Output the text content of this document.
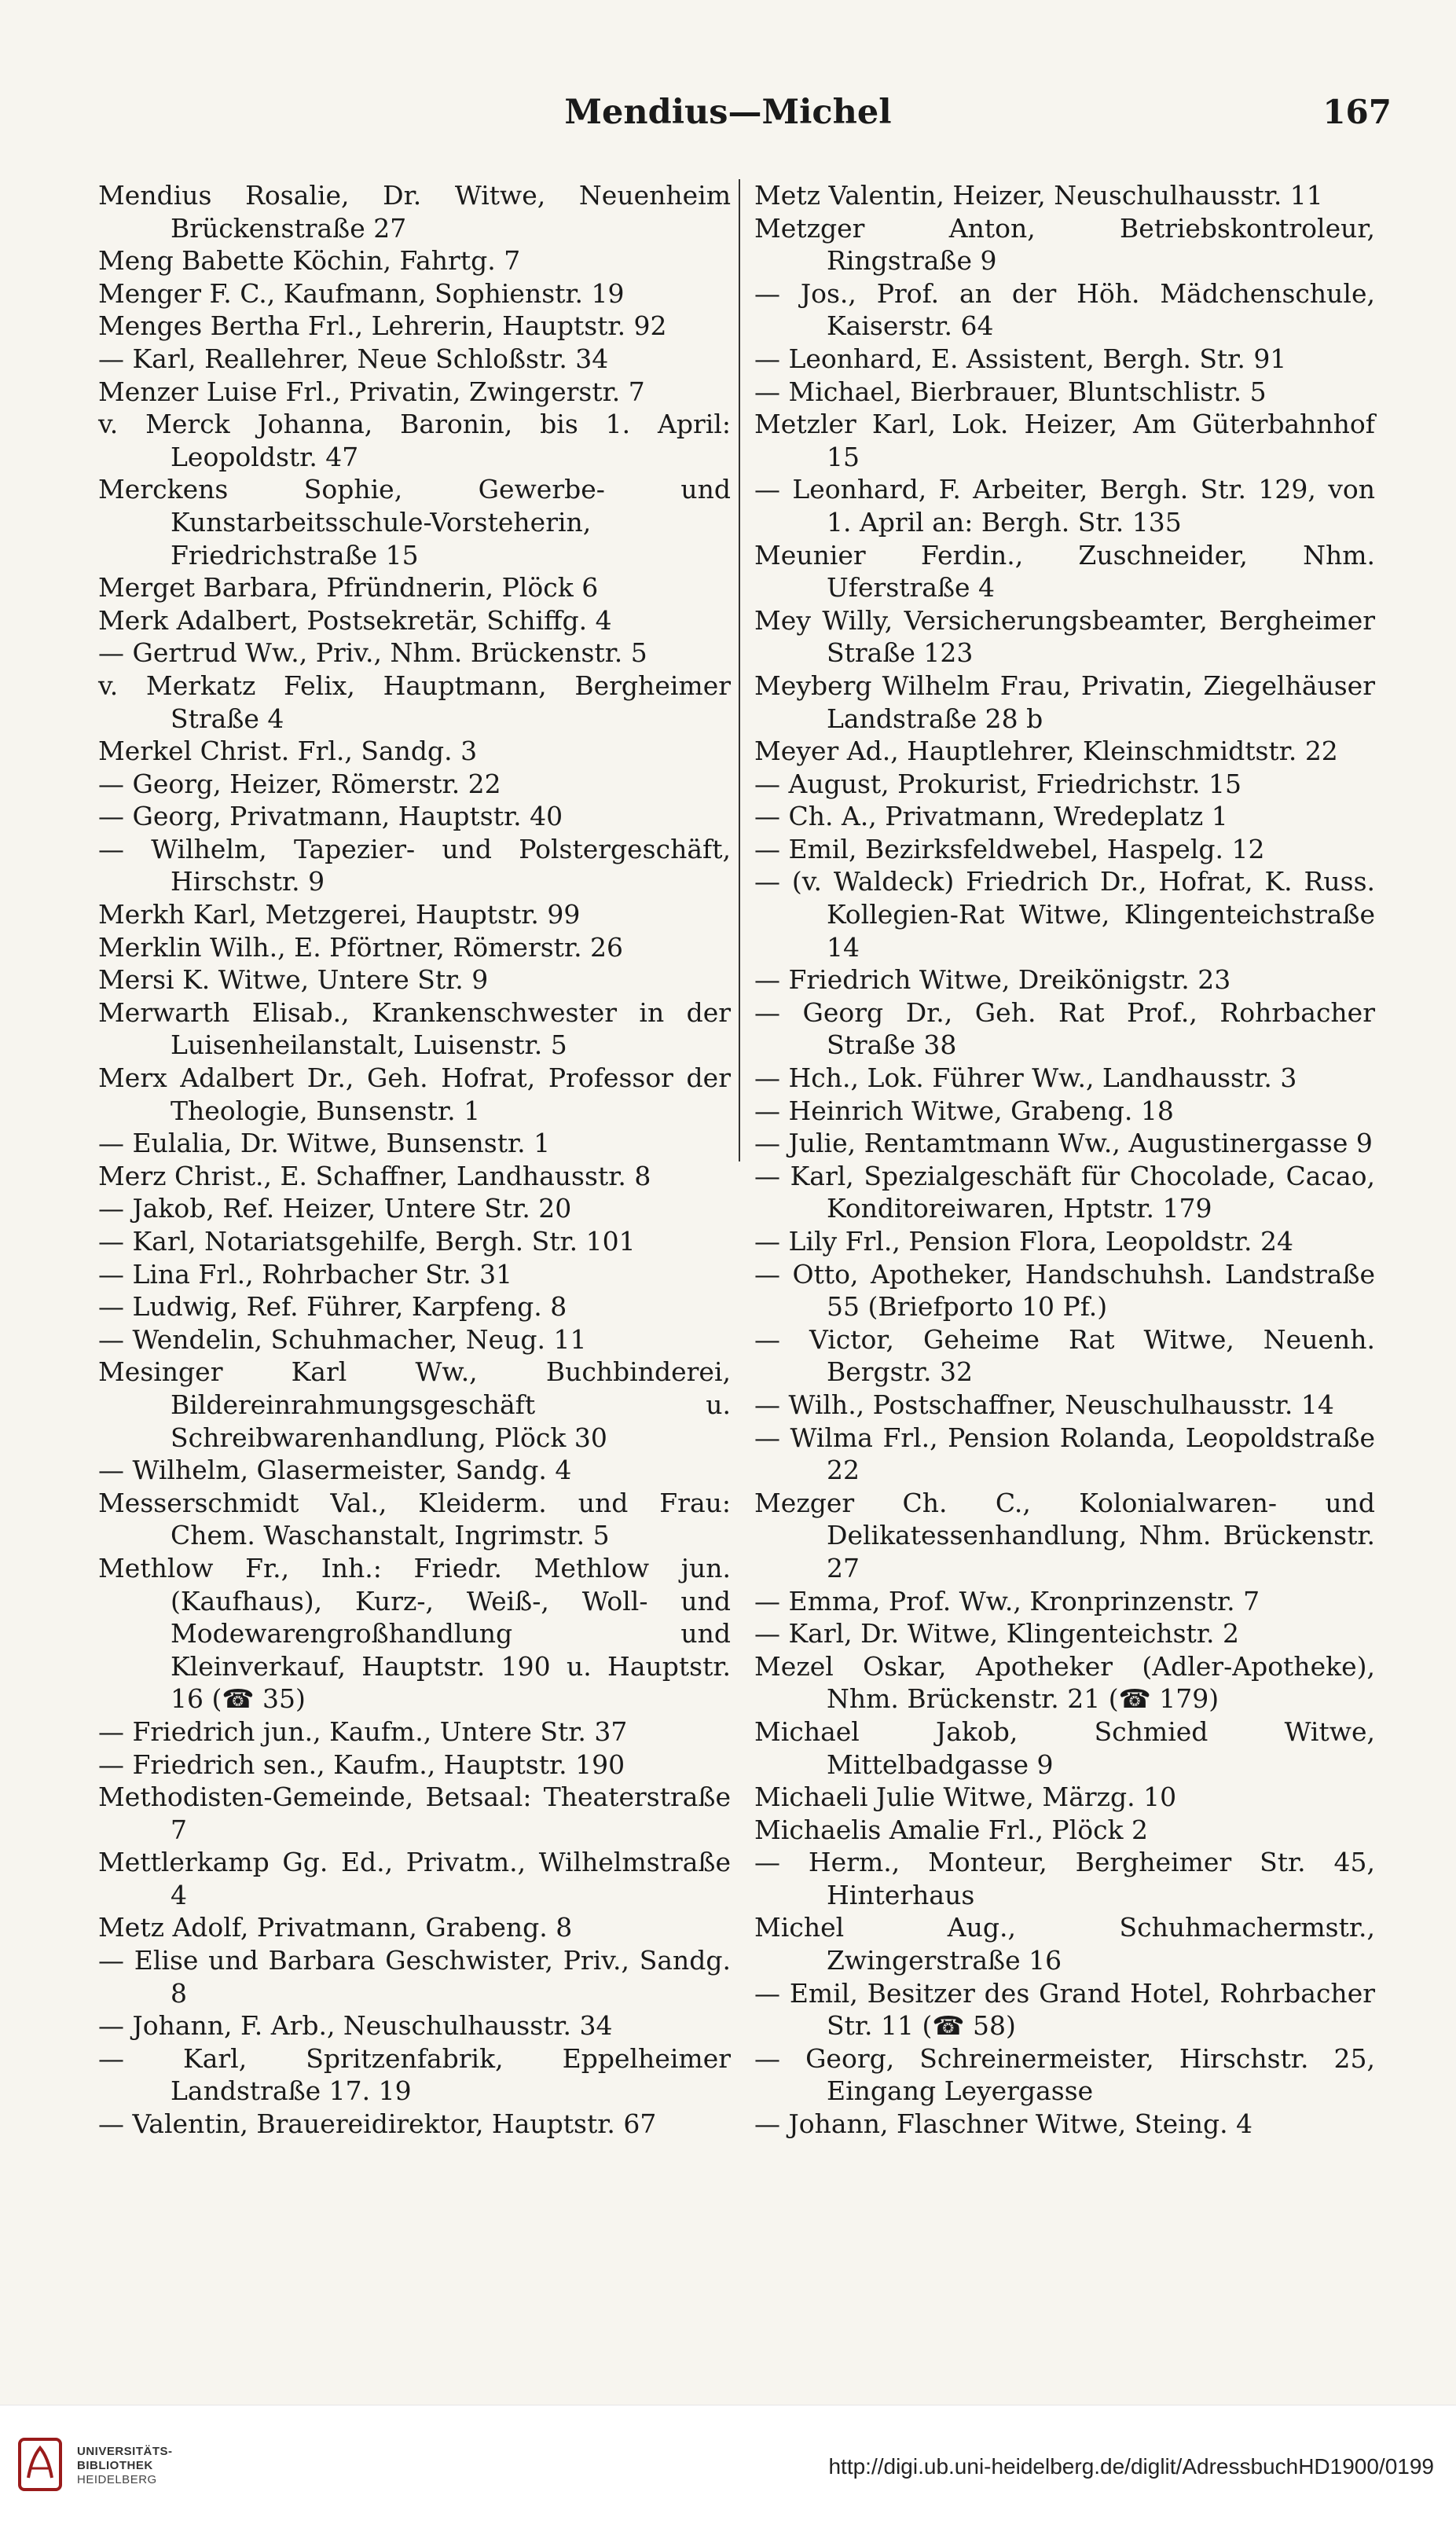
Mendius—Michel	167
Mendius Rosalie, Dr. Witwe, Neuenheim Brückenstraße 27
Meng Babette Köchin, Fahrtg. 7
Menger F. C., Kaufmann, Sophienstr. 19
Menges Bertha Frl., Lehrerin, Hauptstr. 92
— Karl, Reallehrer, Neue Schloßstr. 34
Menzer Luise Frl., Privatin, Zwingerstr. 7
v. Merck Johanna, Baronin, bis 1. April: Leopoldstr. 47
Merckens Sophie, Gewerbe- und Kunstarbeitsschule-Vorsteherin, Friedrichstraße 15
Merget Barbara, Pfründnerin, Plöck 6
Merk Adalbert, Postsekretär, Schiffg. 4
— Gertrud Ww., Priv., Nhm. Brückenstr. 5
v. Merkatz Felix, Hauptmann, Bergheimer Straße 4
Merkel Christ. Frl., Sandg. 3
— Georg, Heizer, Römerstr. 22
— Georg, Privatmann, Hauptstr. 40
— Wilhelm, Tapezier- und Polstergeschäft, Hirschstr. 9
Merkh Karl, Metzgerei, Hauptstr. 99
Merklin Wilh., E. Pförtner, Römerstr. 26
Mersi K. Witwe, Untere Str. 9
Merwarth Elisab., Krankenschwester in der Luisenheilanstalt, Luisenstr. 5
Merx Adalbert Dr., Geh. Hofrat, Professor der Theologie, Bunsenstr. 1
— Eulalia, Dr. Witwe, Bunsenstr. 1
Merz Christ., E. Schaffner, Landhausstr. 8
— Jakob, Ref. Heizer, Untere Str. 20
— Karl, Notariatsgehilfe, Bergh. Str. 101
— Lina Frl., Rohrbacher Str. 31
— Ludwig, Ref. Führer, Karpfeng. 8
— Wendelin, Schuhmacher, Neug. 11
Mesinger Karl Ww., Buchbinderei, Bildereinrahmungsgeschäft u. Schreibwarenhandlung, Plöck 30
— Wilhelm, Glasermeister, Sandg. 4
Messerschmidt Val., Kleiderm. und Frau: Chem. Waschanstalt, Ingrimstr. 5
Methlow Fr., Inh.: Friedr. Methlow jun. (Kaufhaus), Kurz-, Weiß-, Woll- und Modewarengroßhandlung und Kleinverkauf, Hauptstr. 190 u. Hauptstr. 16 (☎ 35)
— Friedrich jun., Kaufm., Untere Str. 37
— Friedrich sen., Kaufm., Hauptstr. 190
Methodisten-Gemeinde, Betsaal: Theaterstraße 7
Mettlerkamp Gg. Ed., Privatm., Wilhelmstraße 4
Metz Adolf, Privatmann, Grabeng. 8
— Elise und Barbara Geschwister, Priv., Sandg. 8
— Johann, F. Arb., Neuschulhausstr. 34
— Karl, Spritzenfabrik, Eppelheimer Landstraße 17. 19
— Valentin, Brauereidirektor, Hauptstr. 67
Metz Valentin, Heizer, Neuschulhausstr. 11
Metzger Anton, Betriebskontroleur, Ringstraße 9
— Jos., Prof. an der Höh. Mädchenschule, Kaiserstr. 64
— Leonhard, E. Assistent, Bergh. Str. 91
— Michael, Bierbrauer, Bluntschlistr. 5
Metzler Karl, Lok. Heizer, Am Güterbahnhof 15
— Leonhard, F. Arbeiter, Bergh. Str. 129, von 1. April an: Bergh. Str. 135
Meunier Ferdin., Zuschneider, Nhm. Uferstraße 4
Mey Willy, Versicherungsbeamter, Bergheimer Straße 123
Meyberg Wilhelm Frau, Privatin, Ziegelhäuser Landstraße 28 b
Meyer Ad., Hauptlehrer, Kleinschmidtstr. 22
— August, Prokurist, Friedrichstr. 15
— Ch. A., Privatmann, Wredeplatz 1
— Emil, Bezirksfeldwebel, Haspelg. 12
— (v. Waldeck) Friedrich Dr., Hofrat, K. Russ. Kollegien-Rat Witwe, Klingenteichstraße 14
— Friedrich Witwe, Dreikönigstr. 23
— Georg Dr., Geh. Rat Prof., Rohrbacher Straße 38
— Hch., Lok. Führer Ww., Landhausstr. 3
— Heinrich Witwe, Grabeng. 18
— Julie, Rentamtmann Ww., Augustinergasse 9
— Karl, Spezialgeschäft für Chocolade, Cacao, Konditoreiwaren, Hptstr. 179
— Lily Frl., Pension Flora, Leopoldstr. 24
— Otto, Apotheker, Handschuhsh. Landstraße 55 (Briefporto 10 Pf.)
— Victor, Geheime Rat Witwe, Neuenh. Bergstr. 32
— Wilh., Postschaffner, Neuschulhausstr. 14
— Wilma Frl., Pension Rolanda, Leopoldstraße 22
Mezger Ch. C., Kolonialwaren- und Delikatessenhandlung, Nhm. Brückenstr. 27
— Emma, Prof. Ww., Kronprinzenstr. 7
— Karl, Dr. Witwe, Klingenteichstr. 2
Mezel Oskar, Apotheker (Adler-Apotheke), Nhm. Brückenstr. 21 (☎ 179)
Michael Jakob, Schmied Witwe, Mittelbadgasse 9
Michaeli Julie Witwe, Märzg. 10
Michaelis Amalie Frl., Plöck 2
— Herm., Monteur, Bergheimer Str. 45, Hinterhaus
Michel Aug., Schuhmachermstr., Zwingerstraße 16
— Emil, Besitzer des Grand Hotel, Rohrbacher Str. 11 (☎ 58)
— Georg, Schreinermeister, Hirschstr. 25, Eingang Leyergasse
— Johann, Flaschner Witwe, Steing. 4
UNIVERSITÄTS-
BIBLIOTHEK
HEIDELBERG
http://digi.ub.uni-heidelberg.de/diglit/AdressbuchHD1900/0199
